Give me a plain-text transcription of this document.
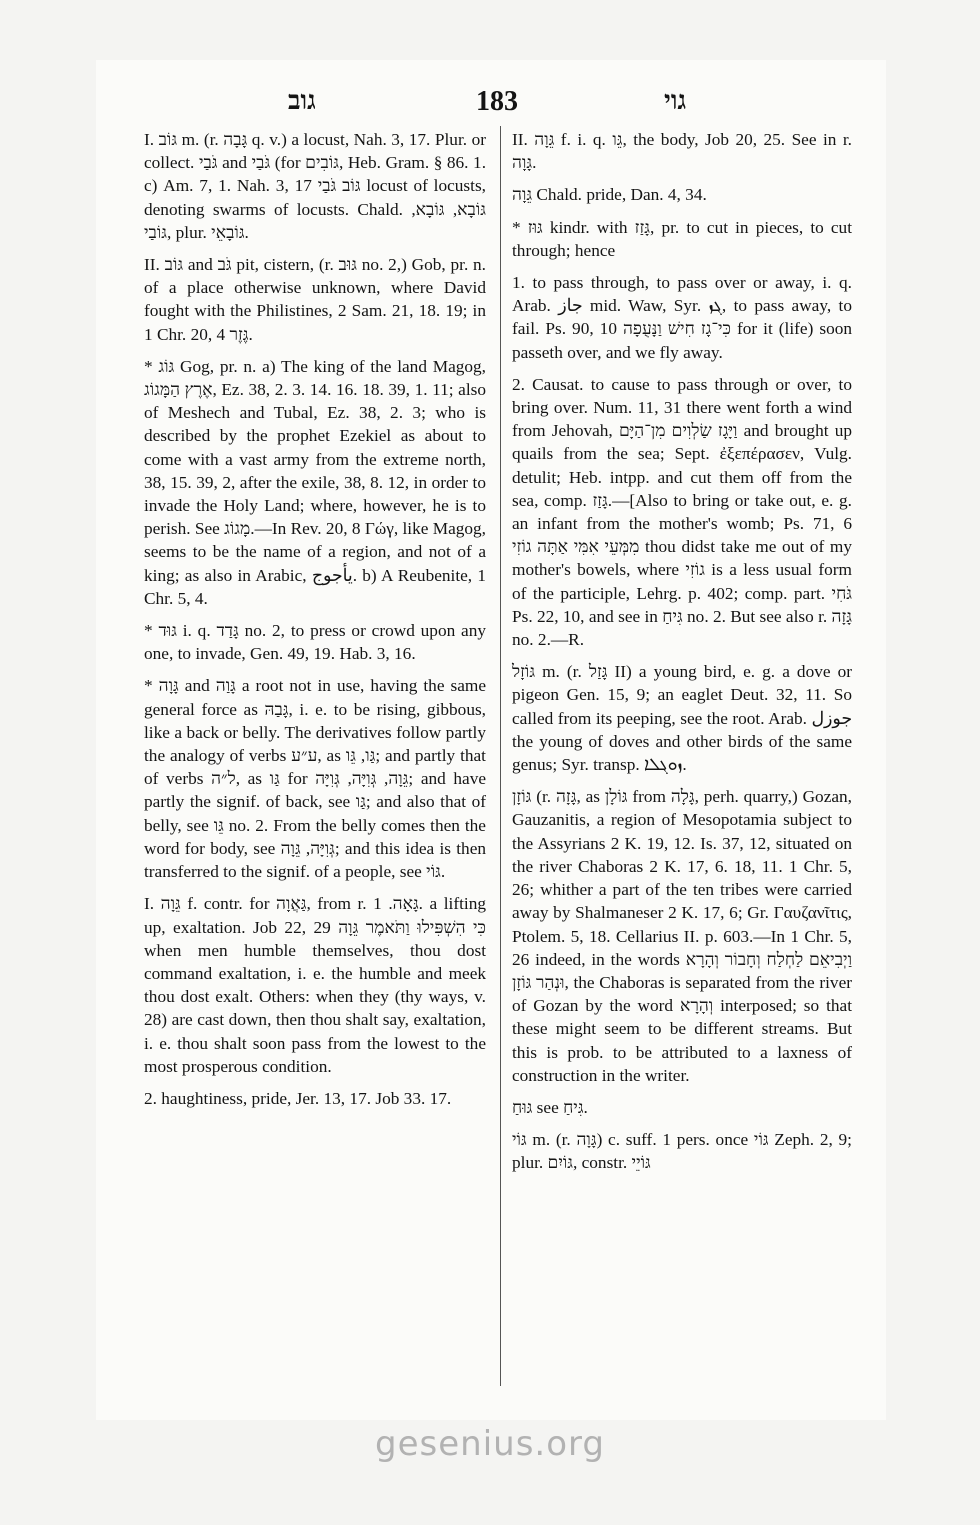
גוב	183	גוי

I. גּוֹב m. (r. גָּבָה q. v.) a locust, Nah. 3, 17. Plur. or collect. גֹּבַי and גֹּבַי (for גּוֹבִים, Heb. Gram. § 86. 1. c) Am. 7, 1. Nah. 3, 17 גּוֹב גֹּבַי locust of locusts, denoting swarms of locusts. Chald. גּוֹבָא, גּוֹבָא, גּוֹבַי, plur. גּוֹבָאֵי.

II. גּוֹב and גֹּב pit, cistern, (r. גּוּב no. 2,) Gob, pr. n. of a place otherwise unknown, where David fought with the Philistines, 2 Sam. 21, 18. 19; in 1 Chr. 20, 4 גֶּזֶר.

* גּוֹג Gog, pr. n. a) The king of the land Magog, אֶרֶץ הַמָּגוֹג, Ez. 38, 2. 3. 14. 16. 18. 39, 1. 11; also of Meshech and Tubal, Ez. 38, 2. 3; who is described by the prophet Ezekiel as about to come with a vast army from the extreme north, 38, 15. 39, 2, after the exile, 38, 8. 12, in order to invade the Holy Land; where, however, he is to perish. See מָגוֹג.—In Rev. 20, 8 Γώγ, like Magog, seems to be the name of a region, and not of a king; as also in Arabic, يأجوج. b) A Reubenite, 1 Chr. 5, 4.

* גּוּד i. q. גָּדַד no. 2, to press or crowd upon any one, to invade, Gen. 49, 19. Hab. 3, 16.

* גָּוָה and גָּוַה a root not in use, having the same general force as גָּבַהּ, i. e. to be rising, gibbous, like a back or belly. The derivatives follow partly the analogy of verbs ע״ע, as גַּו, גֵּו; and partly that of verbs ל״ה, as גַּו for גֵּוָה, גְּוִיָּה, גְּוִיָּה; and have partly the signif. of back, see גַּו; and also that of belly, see גֵּו no. 2. From the belly comes then the word for body, see גְּוִיָּה, גֵּוָה; and this idea is then transferred to the signif. of a people, see גּוֹי.

I. גֵּוָה f. contr. for גַּאֲוָה, from r. גָּאָה. 1. a lifting up, exaltation. Job 22, 29 כִּי הִשְׁפִּילוּ וַתֹּאמֶר גֵּוָה when men humble themselves, thou dost command exaltation, i. e. the humble and meek thou dost exalt. Others: when they (thy ways, v. 28) are cast down, then thou shalt say, exaltation, i. e. thou shalt soon pass from the lowest to the most prosperous condition.

2. haughtiness, pride, Jer. 13, 17. Job 33. 17.

II. גֵּוָה f. i. q. גֵּו, the body, Job 20, 25. See in r. גָּוָה.

גֵּוָה Chald. pride, Dan. 4, 34.

* גּוּז kindr. with גָּזַז, pr. to cut in pieces, to cut through; hence

1. to pass through, to pass over or away, i. q. Arab. جاز mid. Waw, Syr. ܓܙ, to pass away, to fail. Ps. 90, 10 כִּי־גָז חִישׁ וַנָּעֻפָה for it (life) soon passeth over, and we fly away.

2. Causat. to cause to pass through or over, to bring over. Num. 11, 31 there went forth a wind from Jehovah, וַיָּגָז שַׂלְוִים מִן־הַיָּם and brought up quails from the sea; Sept. ἐξεπέρασεν, Vulg. detulit; Heb. intpp. and cut them off from the sea, comp. גָּזַז.—[Also to bring or take out, e. g. an infant from the mother's womb; Ps. 71, 6 מִמְּעֵי אִמִּי אַתָּה גוֹזִי thou didst take me out of my mother's bowels, where גוֹזִי is a less usual form of the participle, Lehrg. p. 402; comp. part. גֹּחִי Ps. 22, 10, and see in גִּיחַ no. 2. But see also r. גָּזָה no. 2.—R.

גּוֹזָל m. (r. גָּזַל II) a young bird, e. g. a dove or pigeon Gen. 15, 9; an eaglet Deut. 32, 11. So called from its peeping, see the root. Arab. جوزل the young of doves and other birds of the same genus; Syr. transp. ܙܘܓܠܐ.

גּוֹזָן (r. גָּזָה, as גּוֹלָן from גָּלָה, perh. quarry,) Gozan, Gauzanitis, a region of Mesopotamia subject to the Assyrians 2 K. 19, 12. Is. 37, 12, situated on the river Chaboras 2 K. 17, 6. 18, 11. 1 Chr. 5, 26; whither a part of the ten tribes were carried away by Shalmaneser 2 K. 17, 6; Gr. Γαυζανῖτις, Ptolem. 5, 18. Cellarius II. p. 603.—In 1 Chr. 5, 26 indeed, in the words וַיְבִיאֵם לַחְלַח וְחָבוֹר וְהָרָא וּנְהַר גּוֹזָן, the Chaboras is separated from the river of Gozan by the word וְהָרָא interposed; so that these might seem to be different streams. But this is prob. to be attributed to a laxness of construction in the writer.

גּוּחַ see גִּיחַ.

גּוֹי m. (r. גָּוָה) c. suff. 1 pers. once גּוֹי Zeph. 2, 9; plur. גּוֹיִם, constr. גּוֹיֵי

gesenius.org
